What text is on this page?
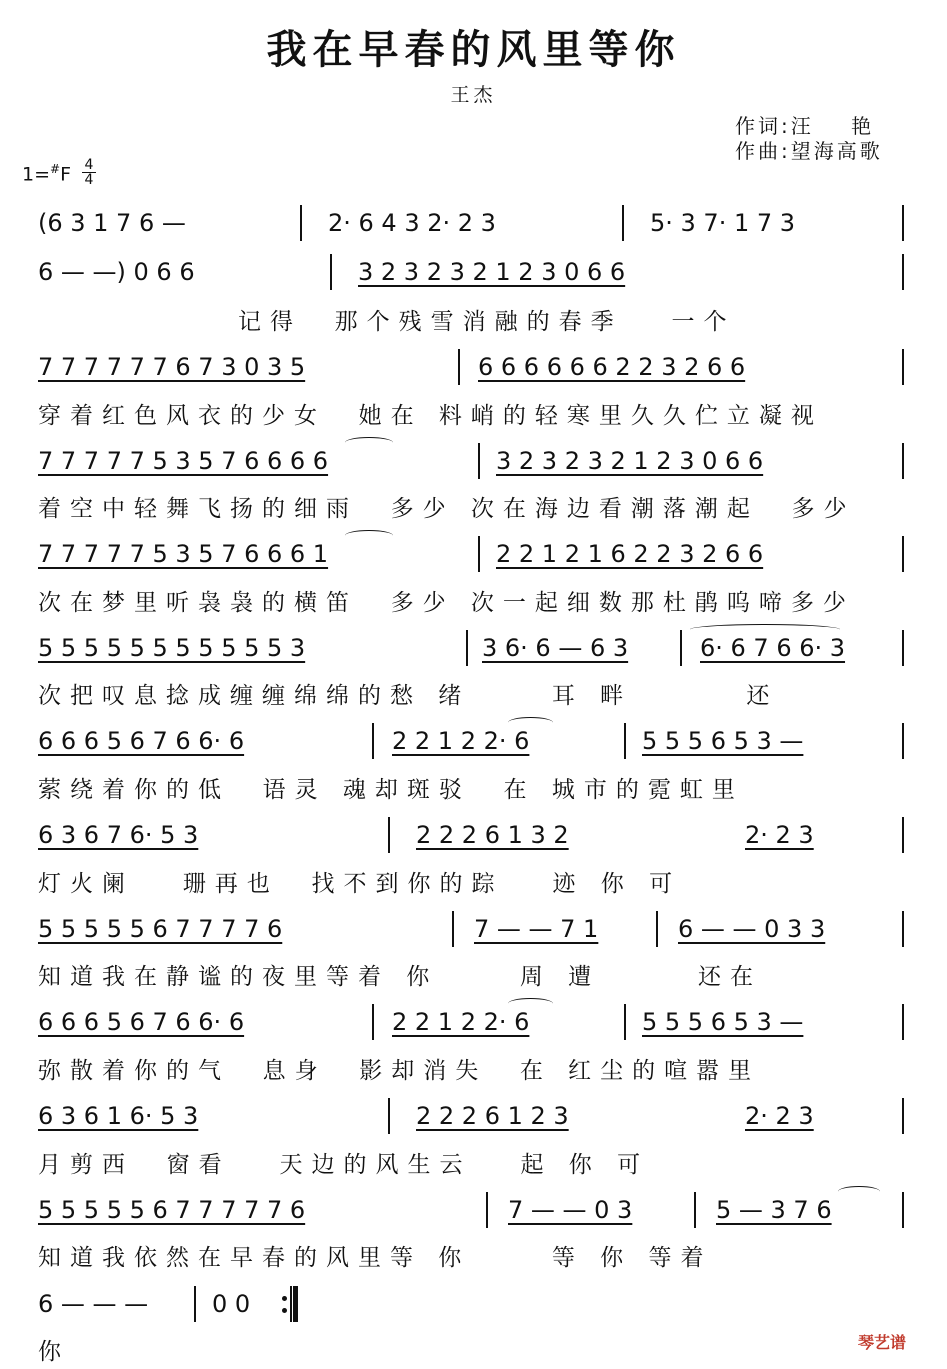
我在早春的风里等你
王杰
作词:汪    艳
作曲:望海高歌
$1=^{\#}F \frac{4}{4}$
(6 3 1 7 6 —	2· 6 4 3 2· 2 3	5· 3 7· 1 7 3
6 — —) 0 6 6	3 2 3 2 3 2 1 2 3 0 6 6
记得  那个残雪消融的春季   一个
7 7 7 7 7 7 6 7 3 0 3 5	6 6 6 6 6 6 2 2 3 2 6 6
穿着红色风衣的少女  她在 料峭的轻寒里久久伫立凝视
7 7 7 7 7 5 3 5 7 6 6 6 6	3 2 3 2 3 2 1 2 3 0 6 6
着空中轻舞飞扬的细雨  多少 次在海边看潮落潮起  多少
7 7 7 7 7 5 3 5 7 6 6 6 1	2 2 1 2 1 6 2 2 3 2 6 6
次在梦里听袅袅的横笛  多少 次一起细数那杜鹃呜啼多少
5 5 5 5 5 5 5 5 5 5 5 3	3 6· 6 — 6 3	6· 6 7 6 6· 3
次把叹息捻成缠缠绵绵的愁 绪     耳 畔       还
6 6 6 5 6 7 6 6· 6	2 2 1 2 2· 6	5 5 5 6 5 3 —
萦绕着你的低  语灵 魂却斑驳  在 城市的霓虹里
6 3 6 7 6· 5 3	2 2 2 6 1 3 2	2· 2 3
灯火阑   珊再也  找不到你的踪   迹 你 可
5 5 5 5 5 6 7 7 7 7 6	7 — — 7 1	6 — — 0 3 3
知道我在静谧的夜里等着 你     周 遭      还在
6 6 6 5 6 7 6 6· 6	2 2 1 2 2· 6	5 5 5 6 5 3 —
弥散着你的气  息身  影却消失  在 红尘的喧嚣里
6 3 6 1 6· 5 3	2 2 2 6 1 2 3	2· 2 3
月剪西  窗看   天边的风生云   起 你 可
5 5 5 5 5 6 7 7 7 7 7 6	7 — — 0 3	5 — 3 7 6
知道我依然在早春的风里等 你     等 你 等着
6 — — —	0 0
你	琴艺谱
